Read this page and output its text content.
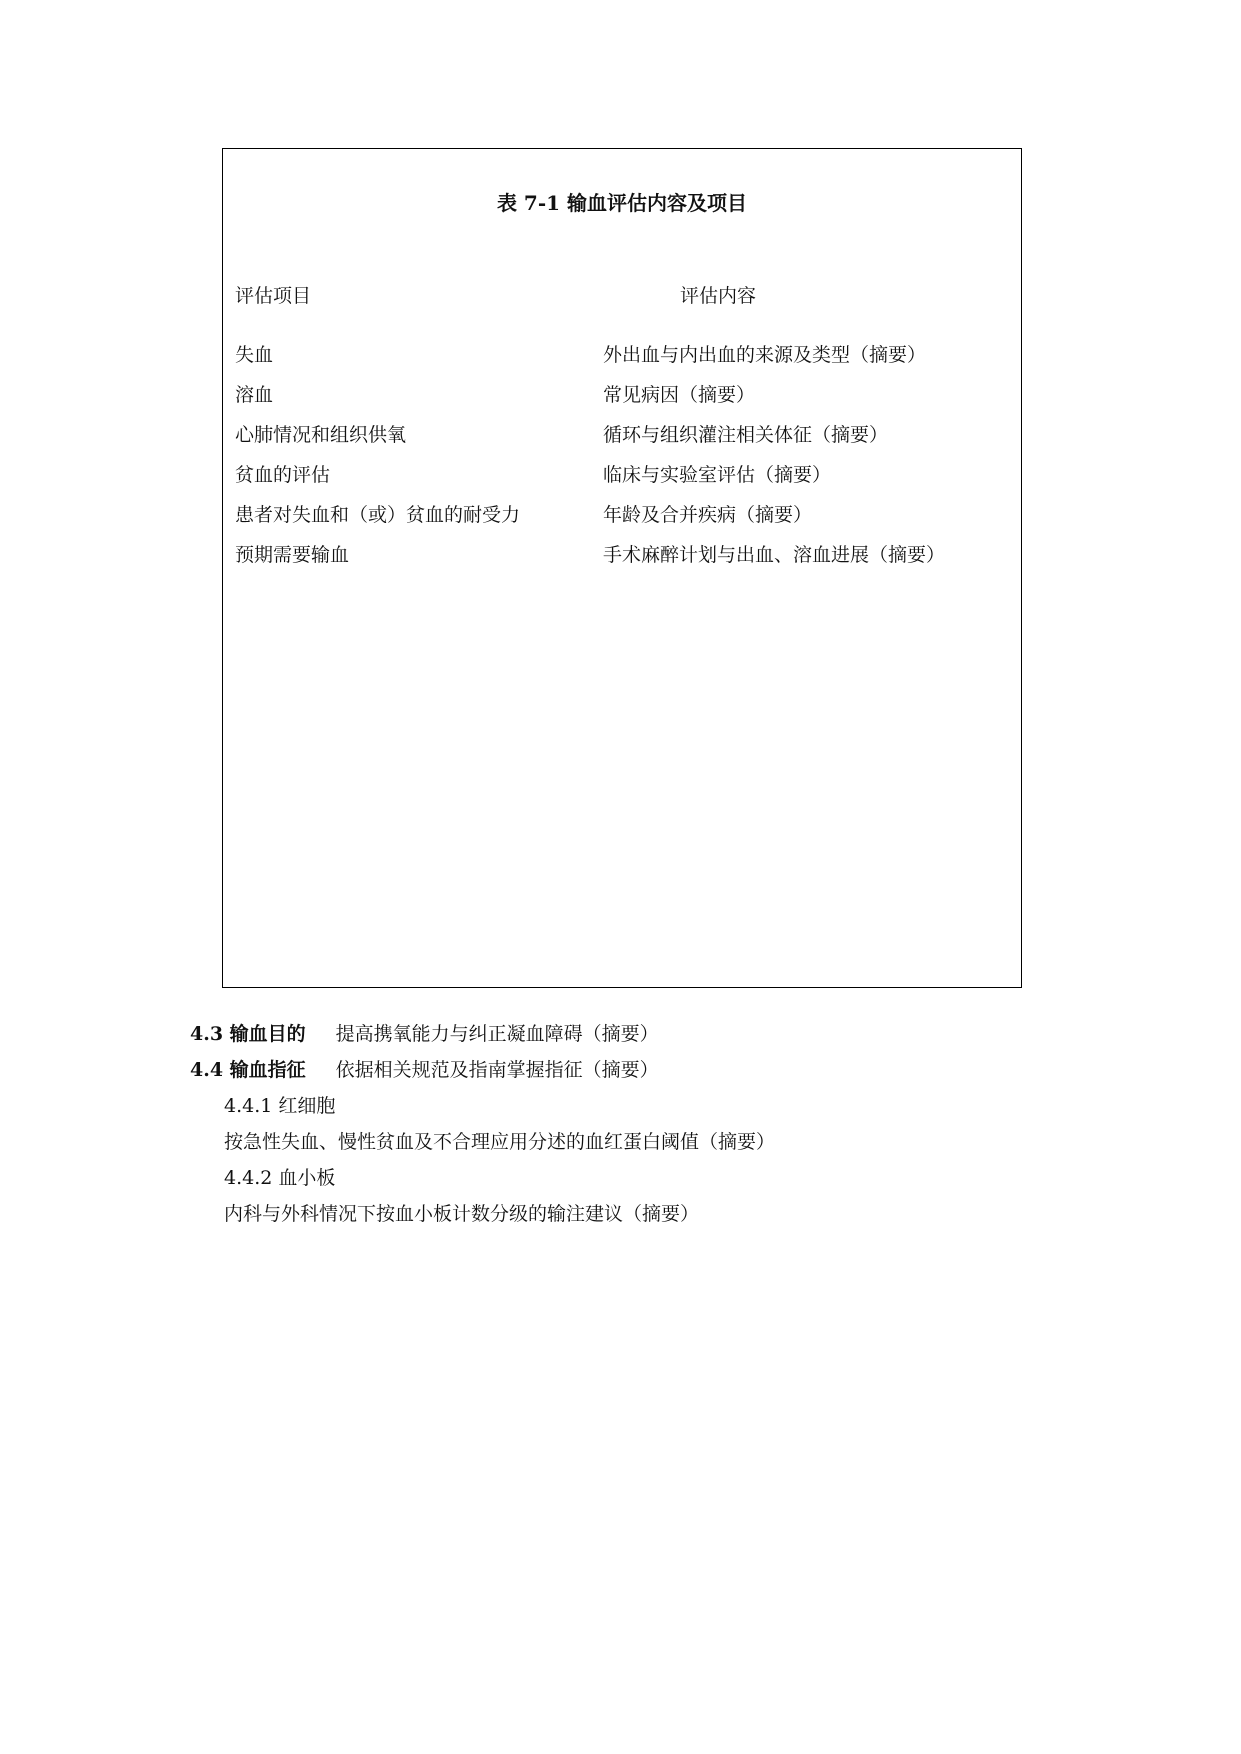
表 7-1 输血评估内容及项目
评估项目	评估内容
失血	外出血与内出血的来源及类型（摘要）
溶血	常见病因（摘要）
心肺情况和组织供氧	循环与组织灌注相关体征（摘要）
贫血的评估	临床与实验室评估（摘要）
患者对失血和（或）贫血的耐受力	年龄及合并疾病（摘要）
预期需要输血	手术麻醉计划与出血、溶血进展（摘要）

4.3 输血目的 提高携氧能力与纠正凝血障碍（摘要）

4.4 输血指征 依据相关规范及指南掌握指征（摘要）

4.4.1 红细胞

按急性失血、慢性贫血及不合理应用分述的血红蛋白阈值（摘要）

4.4.2 血小板

内科与外科情况下按血小板计数分级的输注建议（摘要）
